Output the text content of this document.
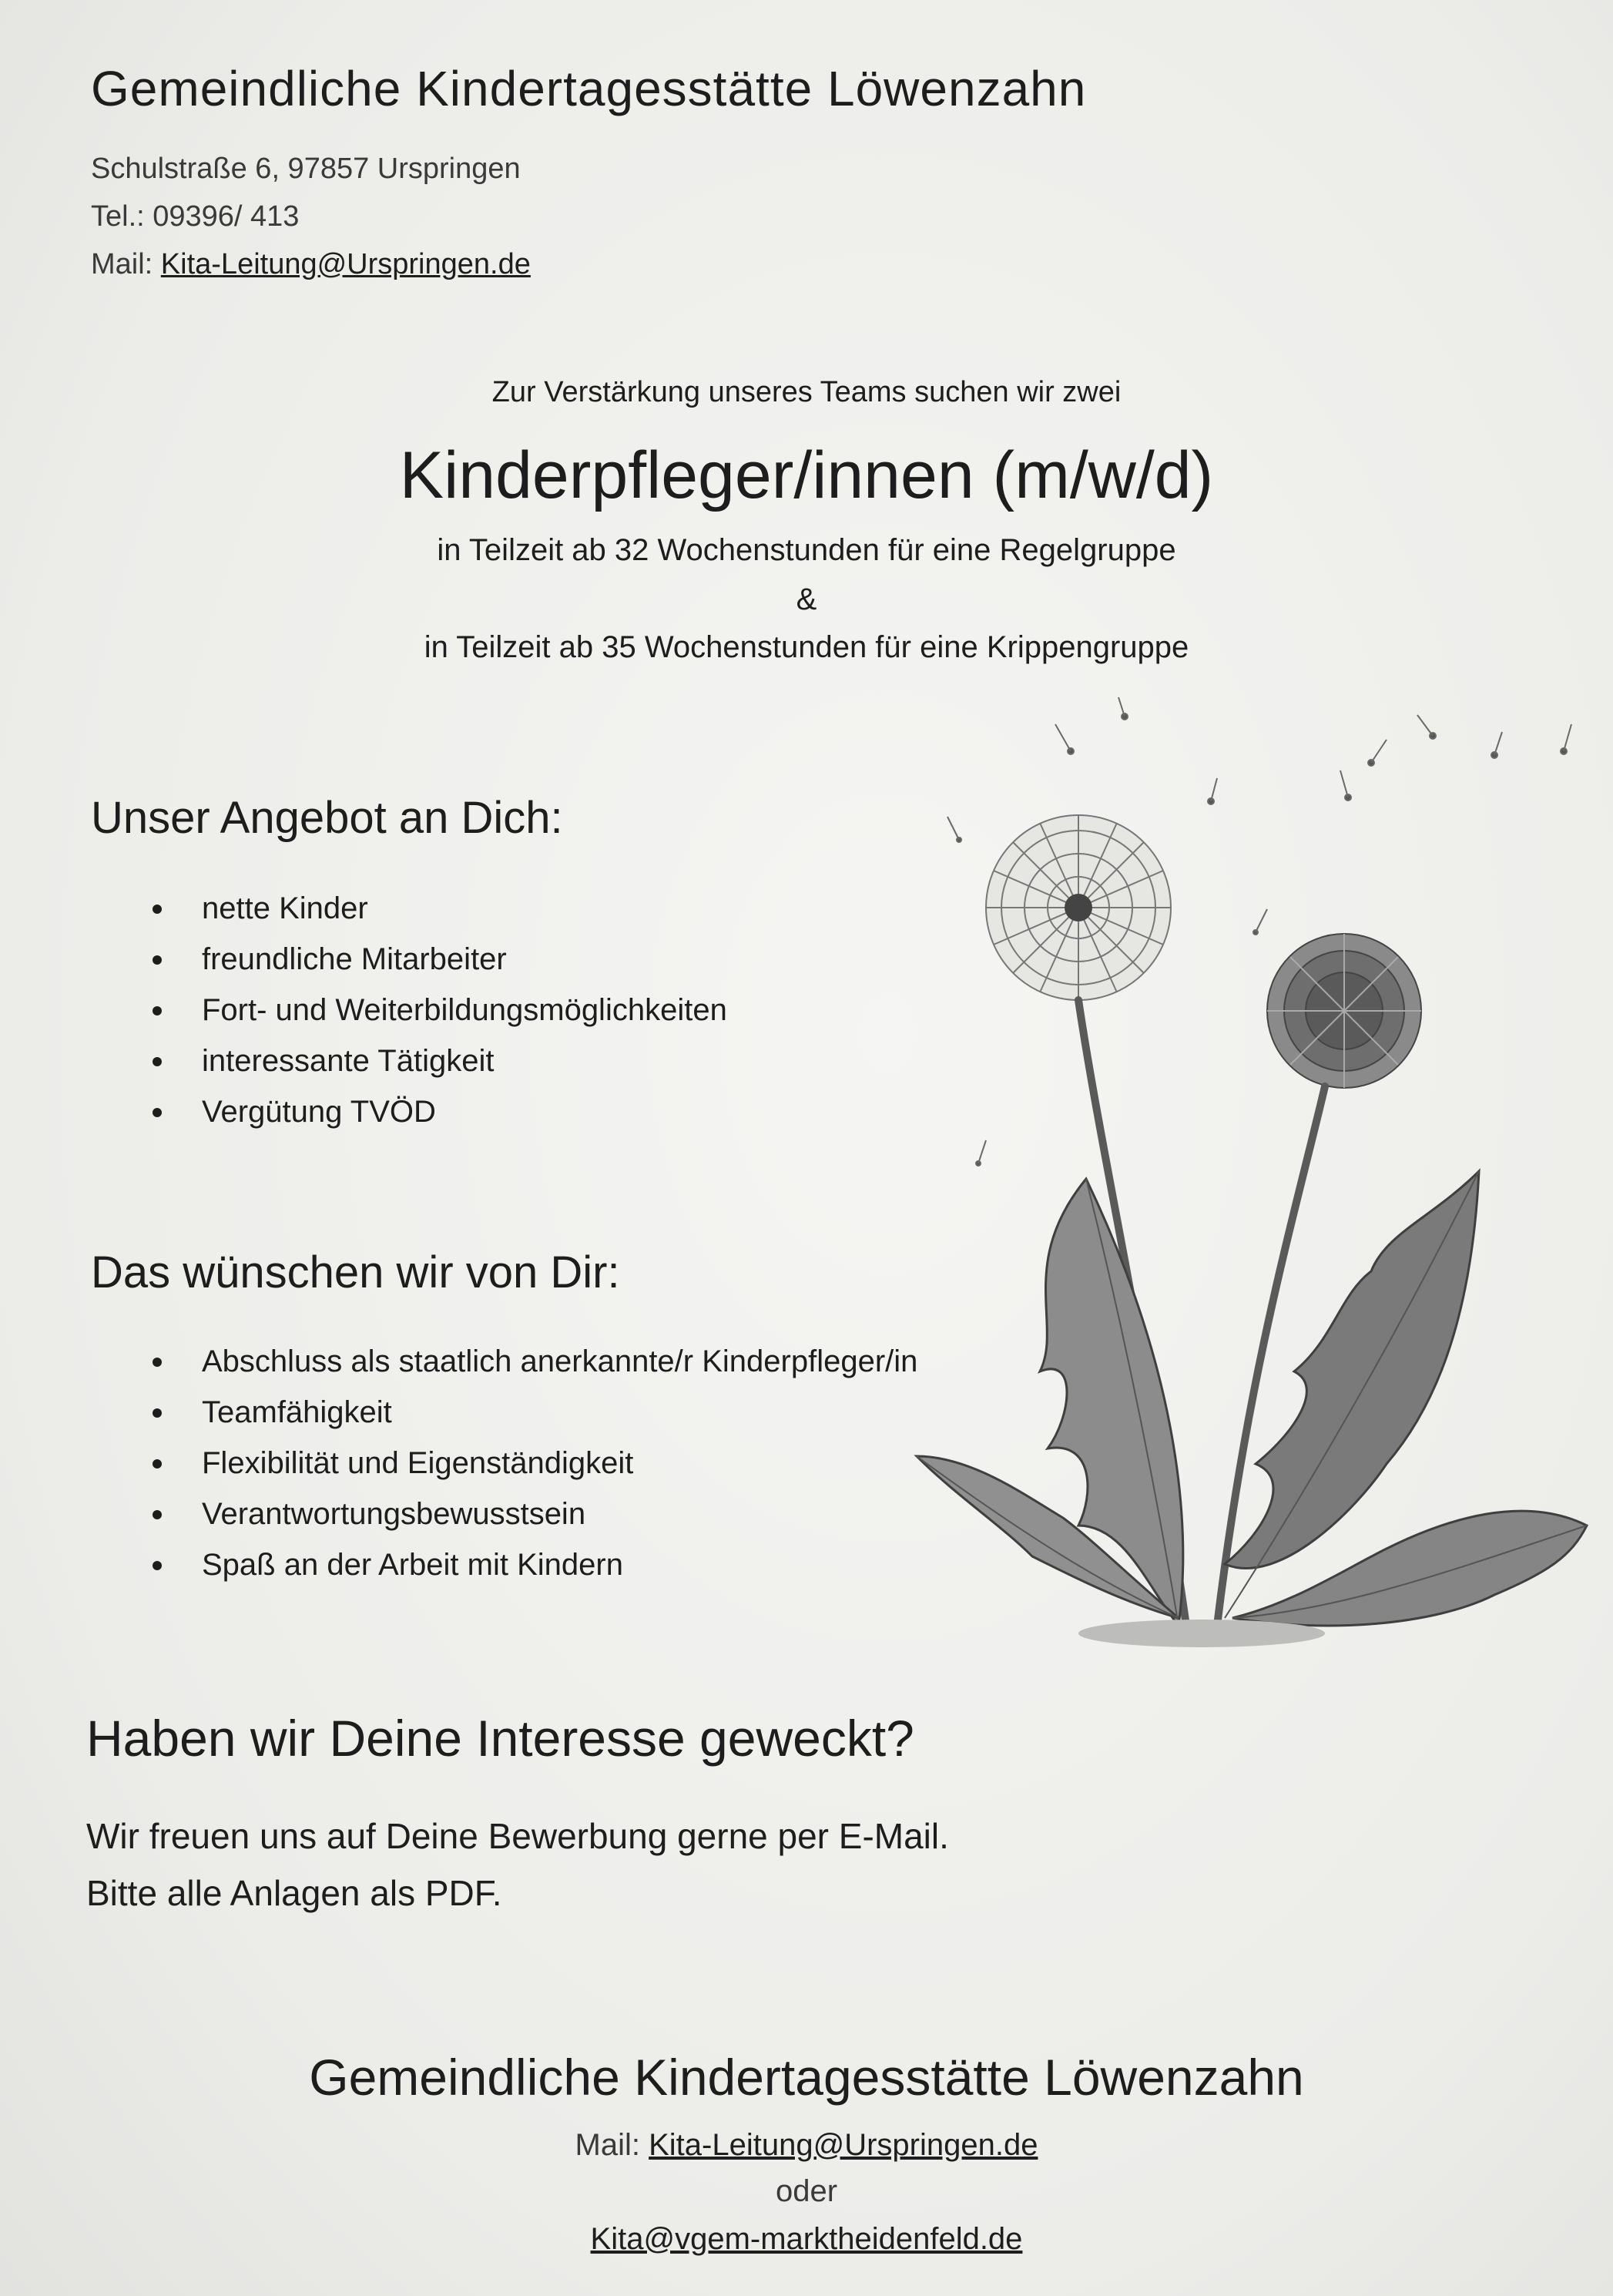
Gemeindliche Kindertagesstätte Löwenzahn
Schulstraße 6, 97857 Urspringen
Tel.: 09396/ 413
Mail: Kita-Leitung@Urspringen.de
Zur Verstärkung unseres Teams suchen wir zwei
Kinderpfleger/innen (m/w/d)
in Teilzeit ab 32 Wochenstunden für eine Regelgruppe
&
in Teilzeit ab 35 Wochenstunden für eine Krippengruppe
Unser Angebot an Dich:
nette Kinder
freundliche Mitarbeiter
Fort- und Weiterbildungsmöglichkeiten
interessante Tätigkeit
Vergütung TVÖD
Das wünschen wir von Dir:
Abschluss als staatlich anerkannte/r Kinderpfleger/in
Teamfähigkeit
Flexibilität und Eigenständigkeit
Verantwortungsbewusstsein
Spaß an der Arbeit mit Kindern
Haben wir Deine Interesse geweckt?
Wir freuen uns auf Deine Bewerbung gerne per E-Mail.
Bitte alle Anlagen als PDF.
Gemeindliche Kindertagesstätte Löwenzahn
Mail: Kita-Leitung@Urspringen.de
oder
Kita@vgem-marktheidenfeld.de
